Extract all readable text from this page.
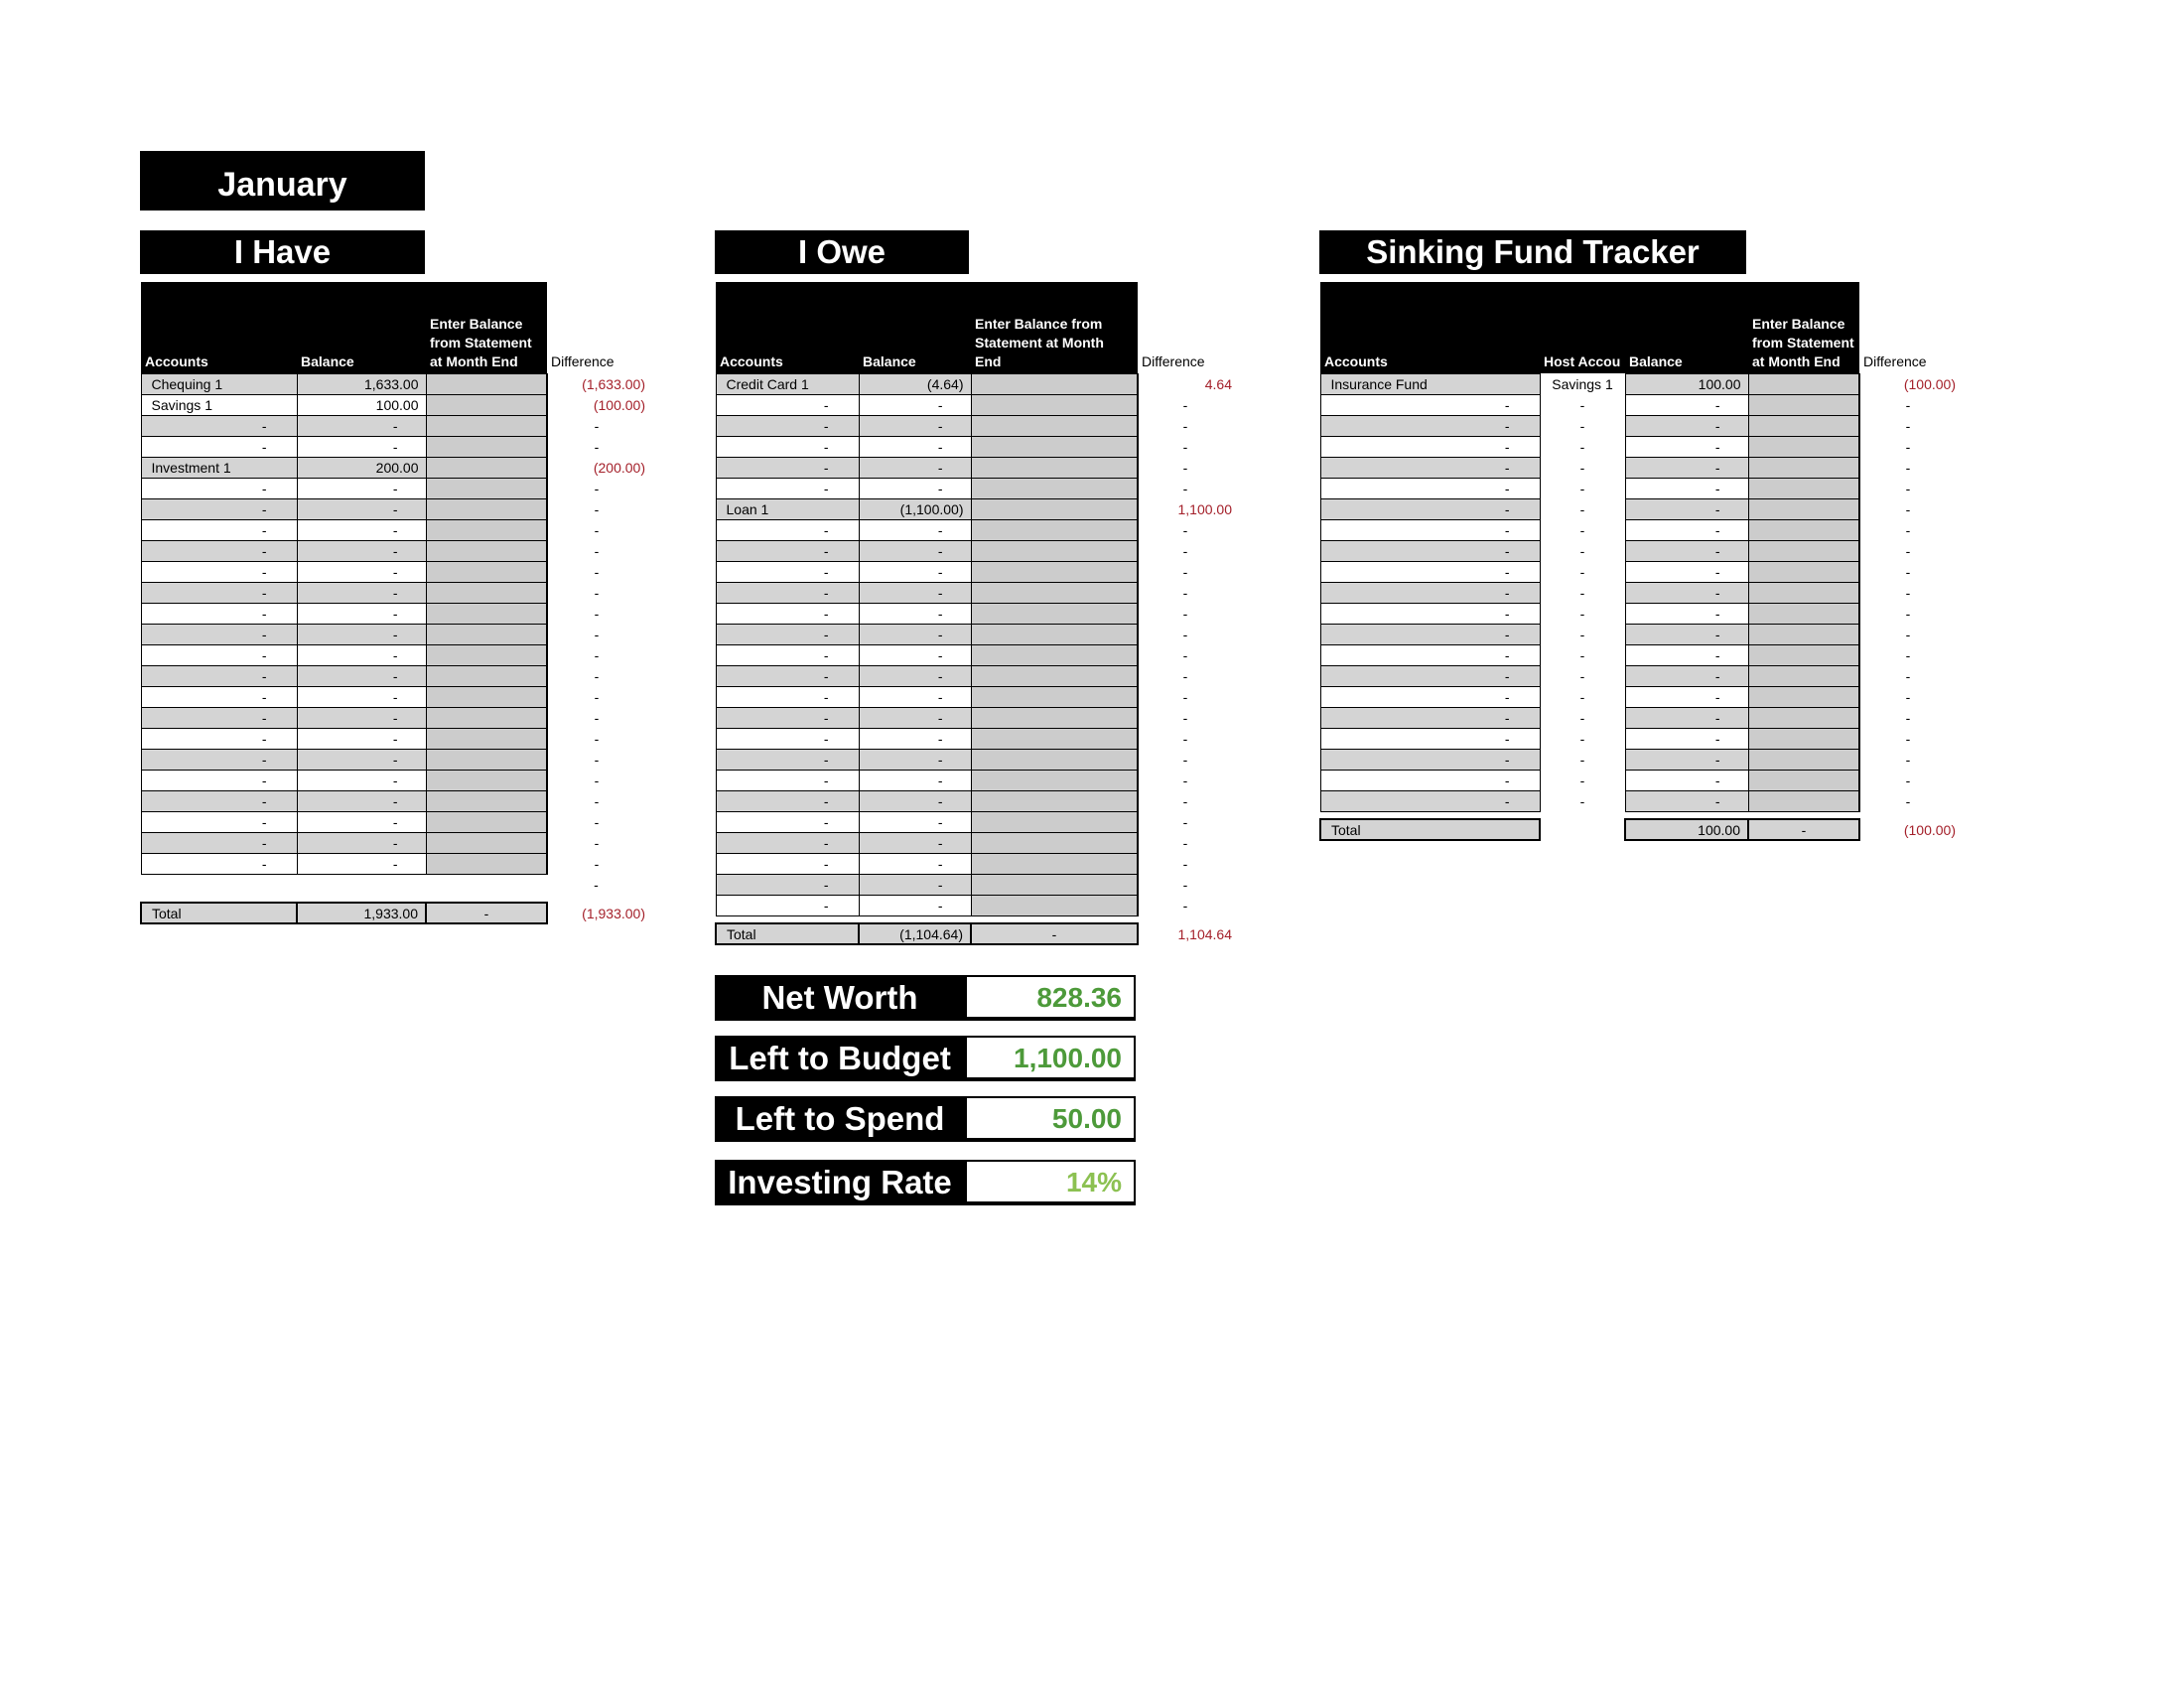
January
I Have	I Owe	Sinking Fund Tracker
Accounts	Balance	Enter Balance from Statement at Month End	Difference
Chequing 1	1,633.00		(1,633.00)
Savings 1	100.00		(100.00)
-	-		-
-	-		-
Investment 1	200.00		(200.00)
-	-		-
-	-		-
-	-		-
-	-		-
-	-		-
-	-		-
-	-		-
-	-		-
-	-		-
-	-		-
-	-		-
-	-		-
-	-		-
-	-		-
-	-		-
-	-		-
-	-		-
-	-		-
-	-		-
			-

Total	1,933.00	-	(1,933.00)
Accounts	Balance	Enter Balance from Statement at Month End	Difference
Credit Card 1	(4.64)		4.64
-	-		-
-	-		-
-	-		-
-	-		-
-	-		-
Loan 1	(1,100.00)		1,100.00
-	-		-
-	-		-
-	-		-
-	-		-
-	-		-
-	-		-
-	-		-
-	-		-
-	-		-
-	-		-
-	-		-
-	-		-
-	-		-
-	-		-
-	-		-
-	-		-
-	-		-
-	-		-
-	-		-

Total	(1,104.64)	-	1,104.64
Accounts	Host Accou	Balance	Enter Balance from Statement at Month End	Difference
Insurance Fund	Savings 1	100.00		(100.00)
-	-	-		-
-	-	-		-
-	-	-		-
-	-	-		-
-	-	-		-
-	-	-		-
-	-	-		-
-	-	-		-
-	-	-		-
-	-	-		-
-	-	-		-
-	-	-		-
-	-	-		-
-	-	-		-
-	-	-		-
-	-	-		-
-	-	-		-
-	-	-		-
-	-	-		-
-	-	-		-

Total		100.00	-	(100.00)
Net Worth	828.36
Left to Budget	1,100.00
Left to Spend	50.00
Investing Rate	14%
